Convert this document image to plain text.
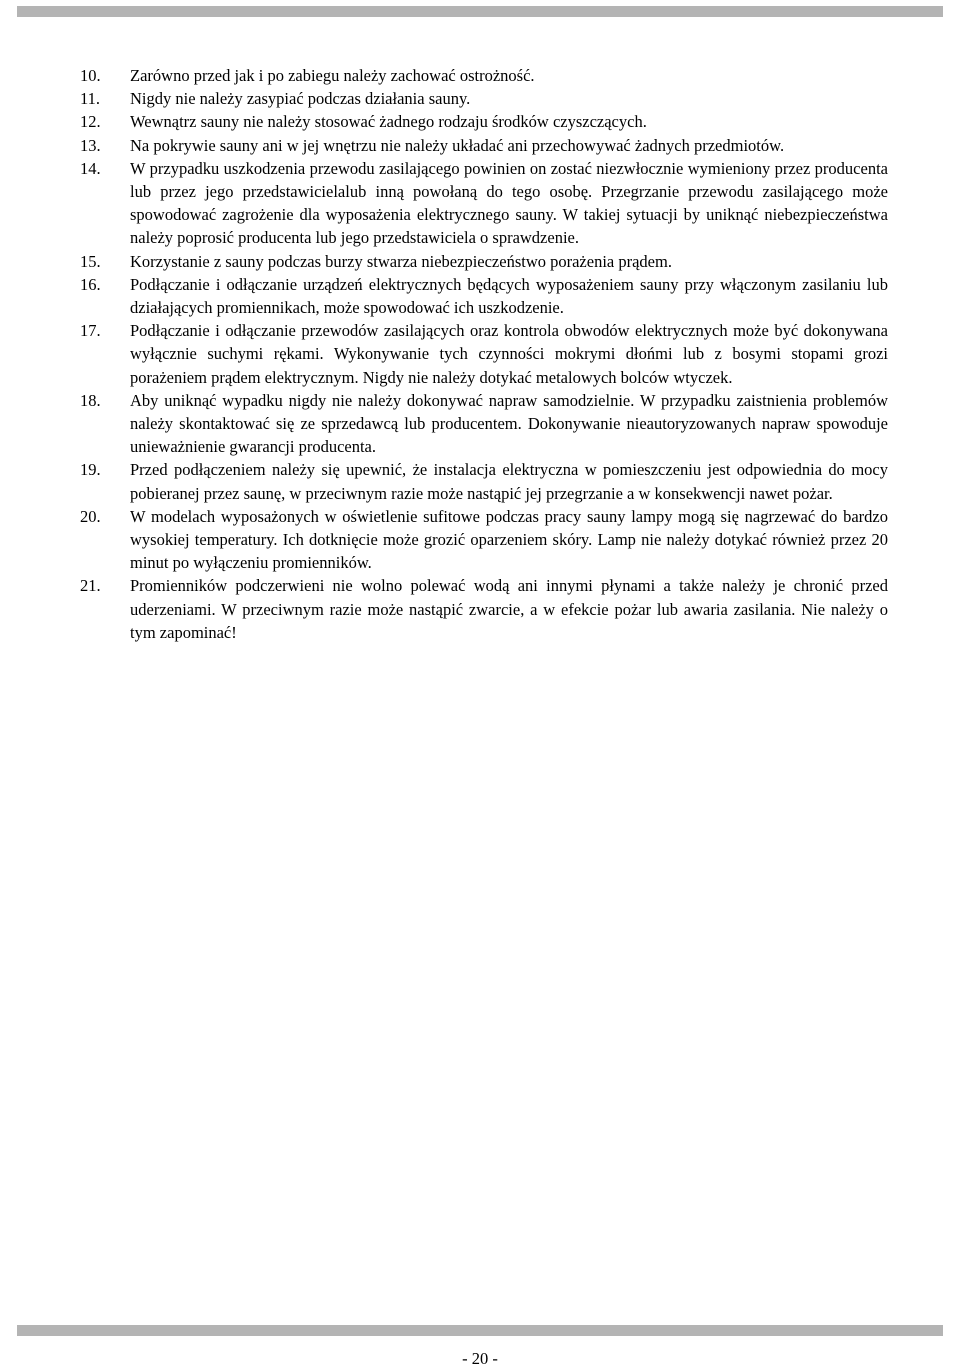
10.	Zarówno przed jak i po zabiegu należy zachować ostrożność.
11.	Nigdy nie należy zasypiać podczas działania sauny.
12.	Wewnątrz sauny nie należy stosować żadnego rodzaju środków czyszczących.
13.	Na pokrywie sauny ani w jej wnętrzu nie należy układać ani przechowywać żadnych przedmiotów.
14.	W przypadku uszkodzenia przewodu zasilającego powinien on zostać niezwłocznie wymieniony przez producenta lub przez jego przedstawicielalub inną powołaną do tego osobę. Przegrzanie przewodu zasilającego może spowodować zagrożenie dla wyposażenia elektrycznego sauny. W takiej sytuacji by uniknąć niebezpieczeństwa należy poprosić producenta lub jego przedstawiciela o sprawdzenie.
15.	Korzystanie z sauny podczas burzy stwarza niebezpieczeństwo porażenia prądem.
16.	Podłączanie i odłączanie urządzeń elektrycznych będących wyposażeniem sauny przy włączonym zasilaniu lub działających promiennikach, może spowodować ich uszkodzenie.
17.	Podłączanie i odłączanie przewodów zasilających oraz kontrola obwodów elektrycznych może być dokonywana wyłącznie suchymi rękami. Wykonywanie tych czynności mokrymi dłońmi lub z bosymi stopami grozi porażeniem prądem elektrycznym. Nigdy nie należy dotykać metalowych bolców wtyczek.
18.	Aby uniknąć wypadku nigdy nie należy dokonywać napraw samodzielnie. W przypadku zaistnienia problemów należy skontaktować się ze sprzedawcą lub producentem. Dokonywanie nieautoryzowanych napraw spowoduje unieważnienie gwarancji producenta.
19.	Przed podłączeniem należy się upewnić, że instalacja elektryczna w pomieszczeniu jest odpowiednia do mocy pobieranej przez saunę, w przeciwnym razie może nastąpić jej przegrzanie a w konsekwencji nawet pożar.
20.	W modelach wyposażonych w oświetlenie sufitowe podczas pracy sauny lampy mogą się nagrzewać do bardzo wysokiej temperatury. Ich dotknięcie może grozić oparzeniem skóry. Lamp nie należy dotykać również przez 20 minut po wyłączeniu promienników.
21.	Promienników podczerwieni nie wolno polewać wodą ani innymi płynami a także należy je chronić przed uderzeniami. W przeciwnym razie może nastąpić zwarcie, a w efekcie pożar lub awaria zasilania. Nie należy o tym zapominać!
- 20 -
